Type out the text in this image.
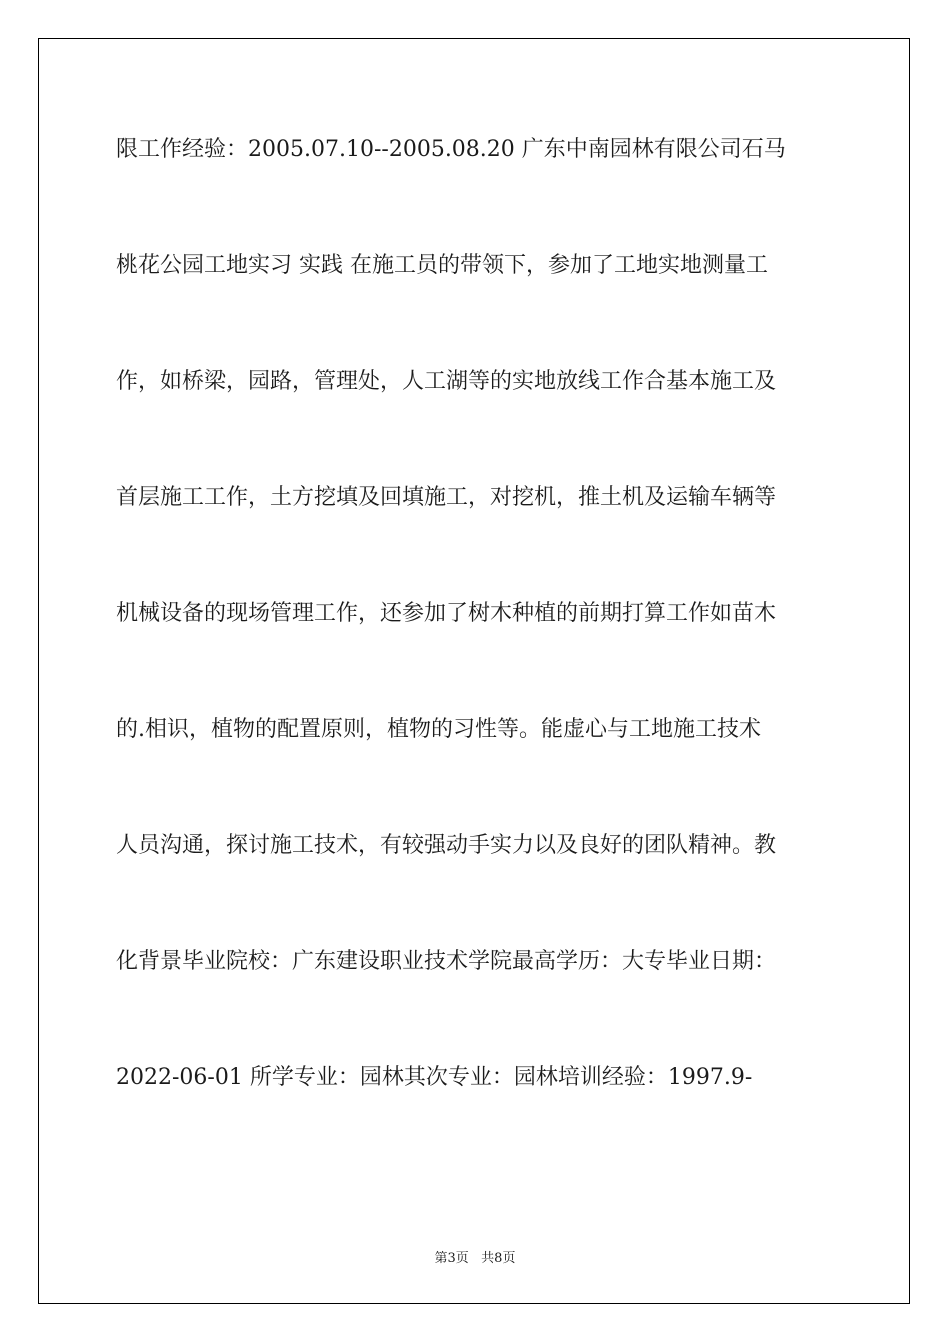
限工作经验：2005.07.10--2005.08.20 广东中南园林有限公司石马
桃花公园工地实习 实践 在施工员的带领下，参加了工地实地测量工
作，如桥梁，园路，管理处，人工湖等的实地放线工作合基本施工及
首层施工工作，土方挖填及回填施工，对挖机，推土机及运输车辆等
机械设备的现场管理工作，还参加了树木种植的前期打算工作如苗木
的.相识，植物的配置原则，植物的习性等。能虚心与工地施工技术
人员沟通，探讨施工技术，有较强动手实力以及良好的团队精神。教
化背景毕业院校：广东建设职业技术学院最高学历：大专毕业日期：
2022-06-01 所学专业：园林其次专业：园林培训经验：1997.9-
第3页   共8页
